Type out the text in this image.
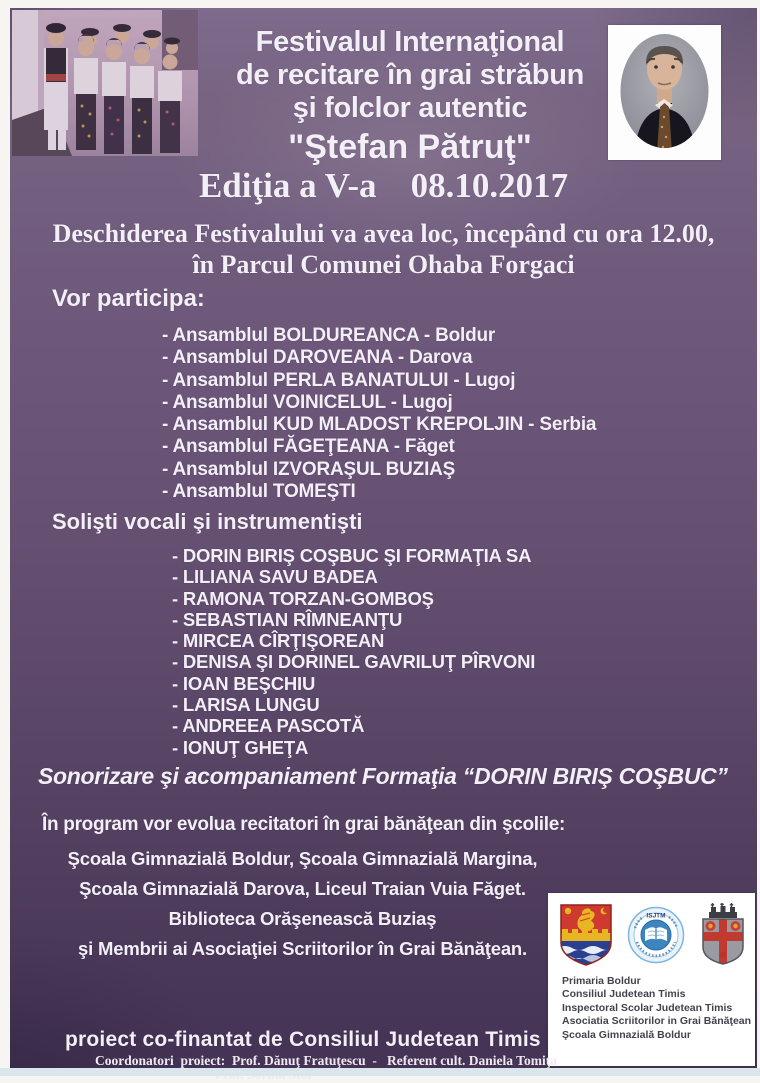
Festivalul Internaţional
de recitare în grai străbun
şi folclor autentic
"Ştefan Pătruţ"
Ediţia a V-a 08.10.2017
Deschiderea Festivalului va avea loc, începând cu ora 12.00,
în Parcul Comunei Ohaba Forgaci
Vor participa:
- Ansamblul BOLDUREANCA - Boldur
- Ansamblul DAROVEANA - Darova
- Ansamblul PERLA BANATULUI - Lugoj
- Ansamblul VOINICELUL - Lugoj
- Ansamblul KUD MLADOST KREPOLJIN - Serbia
- Ansamblul FĂGEŢEANA - Făget
- Ansamblul IZVORAŞUL BUZIAŞ
- Ansamblul TOMEŞTI
Solişti vocali şi instrumentişti
- DORIN BIRIŞ COŞBUC ŞI FORMAŢIA SA
- LILIANA SAVU BADEA
- RAMONA TORZAN-GOMBOŞ
- SEBASTIAN RÎMNEANŢU
- MIRCEA CÎRŢIŞOREAN
- DENISA ŞI DORINEL GAVRILUŢ PÎRVONI
- IOAN BEŞCHIU
- LARISA LUNGU
- ANDREEA PASCOTĂ
- IONUŢ GHEŢA
Sonorizare şi acompaniament Formaţia “DORIN BIRIŞ COŞBUC”
În program vor evolua recitatori în grai bănăţean din şcolile:
Şcoala Gimnazială Boldur, Şcoala Gimnazială Margina,
Şcoala Gimnazială Darova, Liceul Traian Vuia Făget.
Biblioteca Orăşenească Buziaş
şi Membrii ai Asociaţiei Scriitorilor în Grai Bănăţean.
ISJTM
Primaria Boldur
Consiliul Judetean Timis
Inspectoral Scolar Judetean Timis
Asociatia Scriitorilor in Grai Bănăţean
Şcoala Gimnazială Boldur
proiect co-finantat de Consiliul Judetean Timis
Coordonatori  proiect:  Prof. Dănuţ Fratuţescu  -   Referent cult. Daniela Tomiţa
